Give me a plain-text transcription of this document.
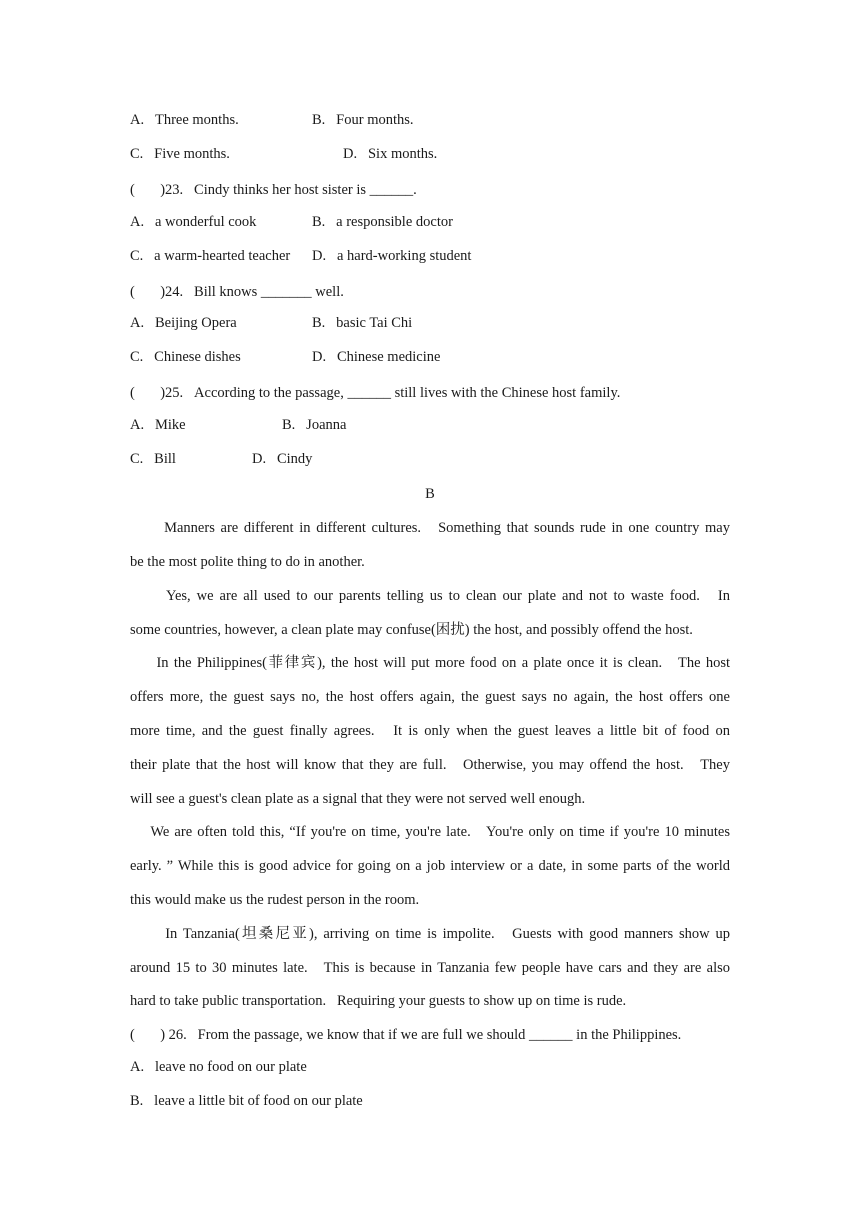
A.   Three months.	B.   Four months.
C.   Five months.	D.   Six months.
(       )23.   Cindy thinks her host sister is ______.
A.   a wonderful cook	B.   a responsible doctor
C.   a warm-hearted teacher D.   a hard-working student
(       )24.   Bill knows _______ well.
A.   Beijing Opera	B.   basic Tai Chi
C.   Chinese dishes	D.   Chinese medicine
(       )25.   According to the passage, ______ still lives with the Chinese host family.
A.   Mike	B.   Joanna
C.   Bill	D.   Cindy
B
Manners are different in different cultures.   Something that sounds rude in one country may
be the most polite thing to do in another.
Yes, we are all used to our parents telling us to clean our plate and not to waste food.   In
some countries, however, a clean plate may confuse(困扰) the host, and possibly offend the host.
In the Philippines(菲律宾), the host will put more food on a plate once it is clean.   The host
offers more, the guest says no, the host offers again, the guest says no again, the host offers one
more time, and the guest finally agrees.   It is only when the guest leaves a little bit of food on
their plate that the host will know that they are full.   Otherwise, you may offend the host.   They
will see a guest's clean plate as a signal that they were not served well enough.
We are often told this, “If you're on time, you're late.   You're only on time if you're 10 minutes
early. ” While this is good advice for going on a job interview or a date, in some parts of the world
this would make us the rudest person in the room.
In Tanzania(坦桑尼亚), arriving on time is impolite.   Guests with good manners show up
around 15 to 30 minutes late.   This is because in Tanzania few people have cars and they are also
hard to take public transportation.   Requiring your guests to show up on time is rude.
(       ) 26.   From the passage, we know that if we are full we should ______ in the Philippines.
A.   leave no food on our plate
B.   leave a little bit of food on our plate
